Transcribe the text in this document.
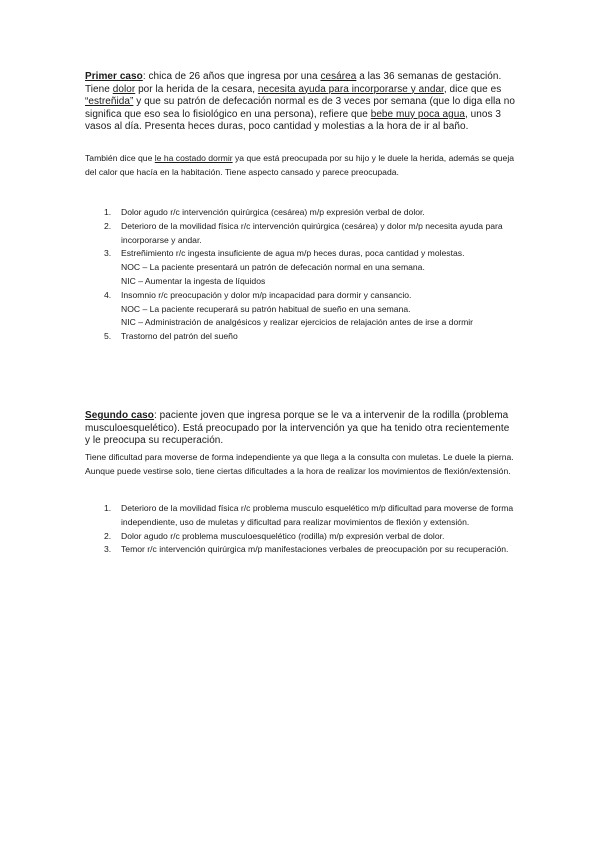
Primer caso: chica de 26 años que ingresa por una cesárea a las 36 semanas de gestación. Tiene dolor por la herida de la cesara, necesita ayuda para incorporarse y andar, dice que es “estreñida” y que su patrón de defecación normal es de 3 veces por semana (que lo diga ella no significa que eso sea lo fisiológico en una persona), refiere que bebe muy poca agua, unos 3 vasos al día. Presenta heces duras, poco cantidad y molestias a la hora de ir al baño.
También dice que le ha costado dormir ya que está preocupada por su hijo y le duele la herida, además se queja del calor que hacía en la habitación. Tiene aspecto cansado y parece preocupada.
1. Dolor agudo r/c intervención quirúrgica (cesárea) m/p expresión verbal de dolor.
2. Deterioro de la movilidad física r/c intervención quirúrgica (cesárea) y dolor m/p necesita ayuda para incorporarse y andar.
3. Estreñimiento r/c ingesta insuficiente de agua m/p heces duras, poca cantidad y molestas.
NOC – La paciente presentará un patrón de defecación normal en una semana.
NIC – Aumentar la ingesta de líquidos
4. Insomnio r/c preocupación y dolor m/p incapacidad para dormir y cansancio.
NOC – La paciente recuperará su patrón habitual de sueño en una semana.
NIC – Administración de analgésicos y realizar ejercicios de relajación antes de irse a dormir
5. Trastorno del patrón del sueño
Segundo caso: paciente joven que ingresa porque se le va a intervenir de la rodilla (problema musculoesquelético). Está preocupado por la intervención ya que ha tenido otra recientemente y le preocupa su recuperación.
Tiene dificultad para moverse de forma independiente ya que llega a la consulta con muletas. Le duele la pierna. Aunque puede vestirse solo, tiene ciertas dificultades a la hora de realizar los movimientos de flexión/extensión.
1. Deterioro de la movilidad física r/c problema musculo esquelético m/p dificultad para moverse de forma independiente, uso de muletas y dificultad para realizar movimientos de flexión y extensión.
2. Dolor agudo r/c problema musculoesquelético (rodilla) m/p expresión verbal de dolor.
3. Temor r/c intervención quirúrgica m/p manifestaciones verbales de preocupación por su recuperación.
